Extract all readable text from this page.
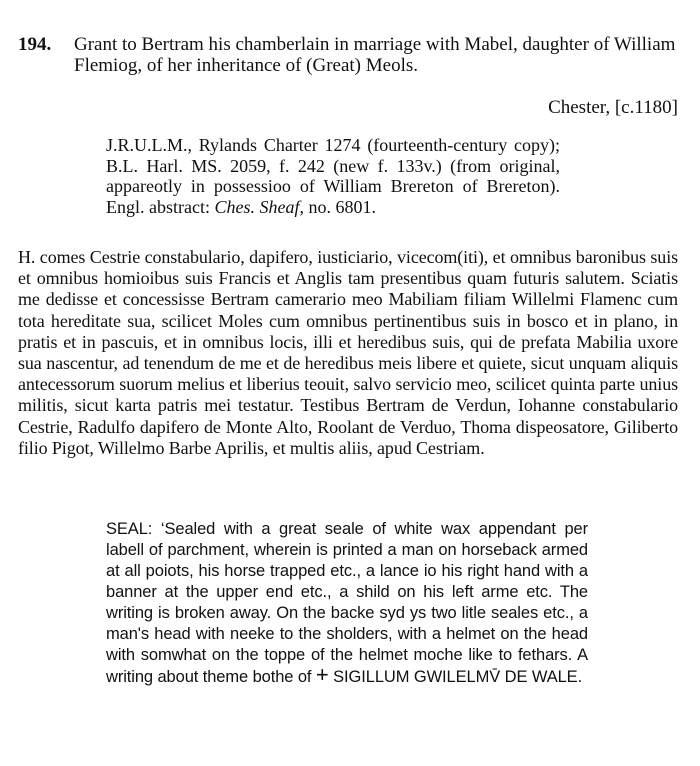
194. Grant to Bertram his chamberlain in marriage with Mabel, daughter of William Flemiog, of her inheritance of (Great) Meols.
Chester, [c.1180]
J.R.U.L.M., Rylands Charter 1274 (fourteenth-century copy); B.L. Harl. MS. 2059, f. 242 (new f. 133v.) (from original, appareotly in possessioo of William Brereton of Brereton). Engl. abstract: Ches. Sheaf, no. 6801.
H. comes Cestrie constabulario, dapifero, iusticiario, vicecom(iti), et omnibus baronibus suis et omnibus homioibus suis Francis et Anglis tam presentibus quam futuris salutem. Sciatis me dedisse et concessisse Bertram camerario meo Mabiliam filiam Willelmi Flamenc cum tota hereditate sua, scilicet Moles cum omnibus pertinentibus suis in bosco et in plano, in pratis et in pascuis, et in omnibus locis, illi et heredibus suis, qui de prefata Mabilia uxore sua nascentur, ad tenendum de me et de heredibus meis libere et quiete, sicut unquam aliquis antecessorum suorum melius et liberius teouit, salvo servicio meo, scilicet quinta parte unius militis, sicut karta patris mei testatur. Testibus Bertram de Verdun, Iohanne constabulario Cestrie, Radulfo dapifero de Monte Alto, Roolant de Verduo, Thoma dispeosatore, Giliberto filio Pigot, Willelmo Barbe Aprilis, et multis aliis, apud Cestriam.
SEAL: ‘Sealed with a great seale of white wax appendant per labell of parchment, wherein is printed a man on horseback armed at all poiots, his horse trapped etc., a lance io his right hand with a banner at the upper end etc., a shild on his left arme etc. The writing is broken away. On the backe syd ys two litle seales etc., a man's head with neeke to the sholders, with a helmet on the head with somwhat on the toppe of the helmet moche like to fethars. A writing about theme bothe of + SIGILLUM GWILELMV̄ DE WALE.
